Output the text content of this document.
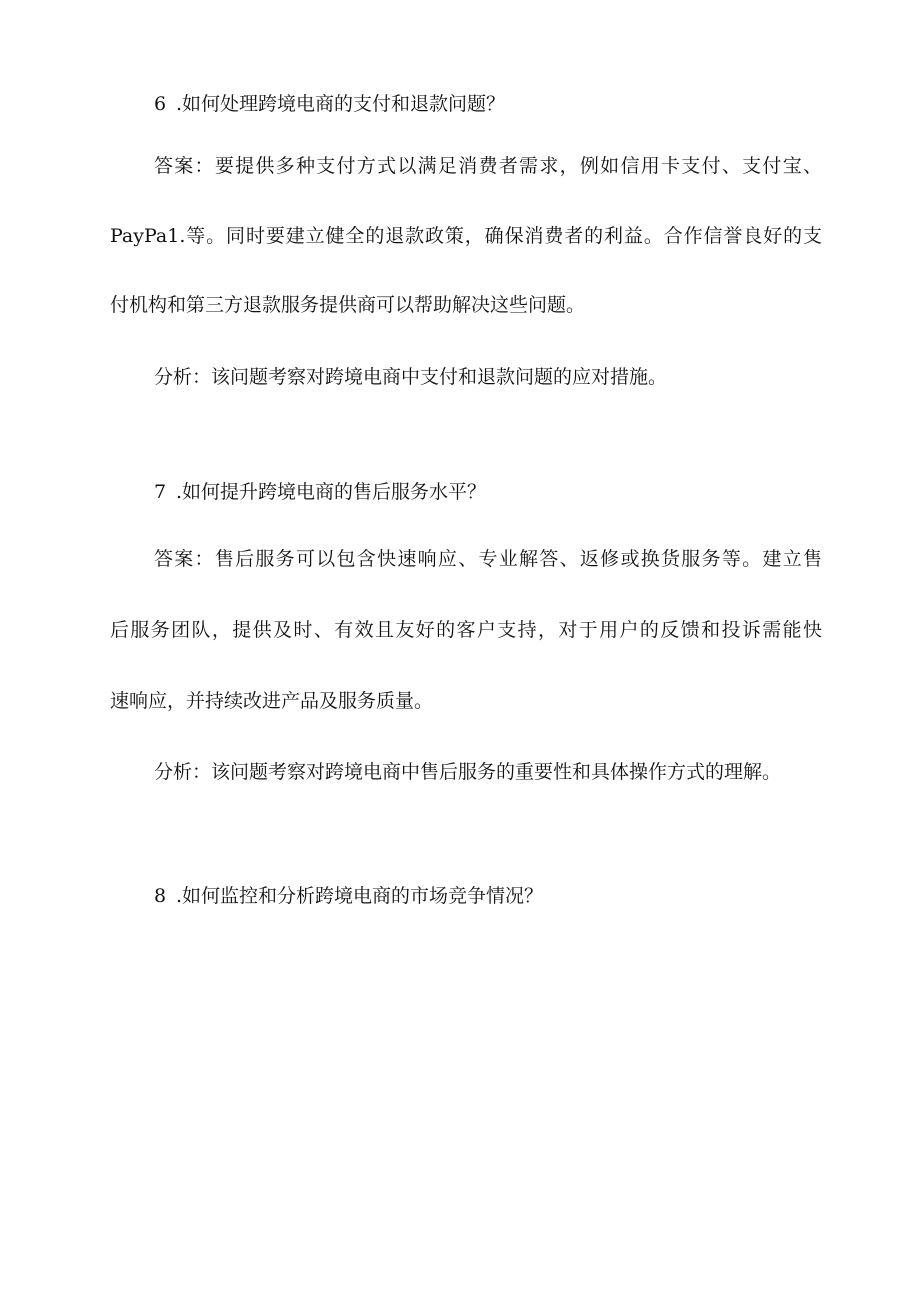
6 .如何处理跨境电商的支付和退款问题？
答案：要提供多种支付方式以满足消费者需求，例如信用卡支付、支付宝、
PayPa1.等。同时要建立健全的退款政策，确保消费者的利益。合作信誉良好的支
付机构和第三方退款服务提供商可以帮助解决这些问题。
分析：该问题考察对跨境电商中支付和退款问题的应对措施。
7 .如何提升跨境电商的售后服务水平？
答案：售后服务可以包含快速响应、专业解答、返修或换货服务等。建立售
后服务团队，提供及时、有效且友好的客户支持，对于用户的反馈和投诉需能快
速响应，并持续改进产品及服务质量。
分析：该问题考察对跨境电商中售后服务的重要性和具体操作方式的理解。
8 .如何监控和分析跨境电商的市场竞争情况？
